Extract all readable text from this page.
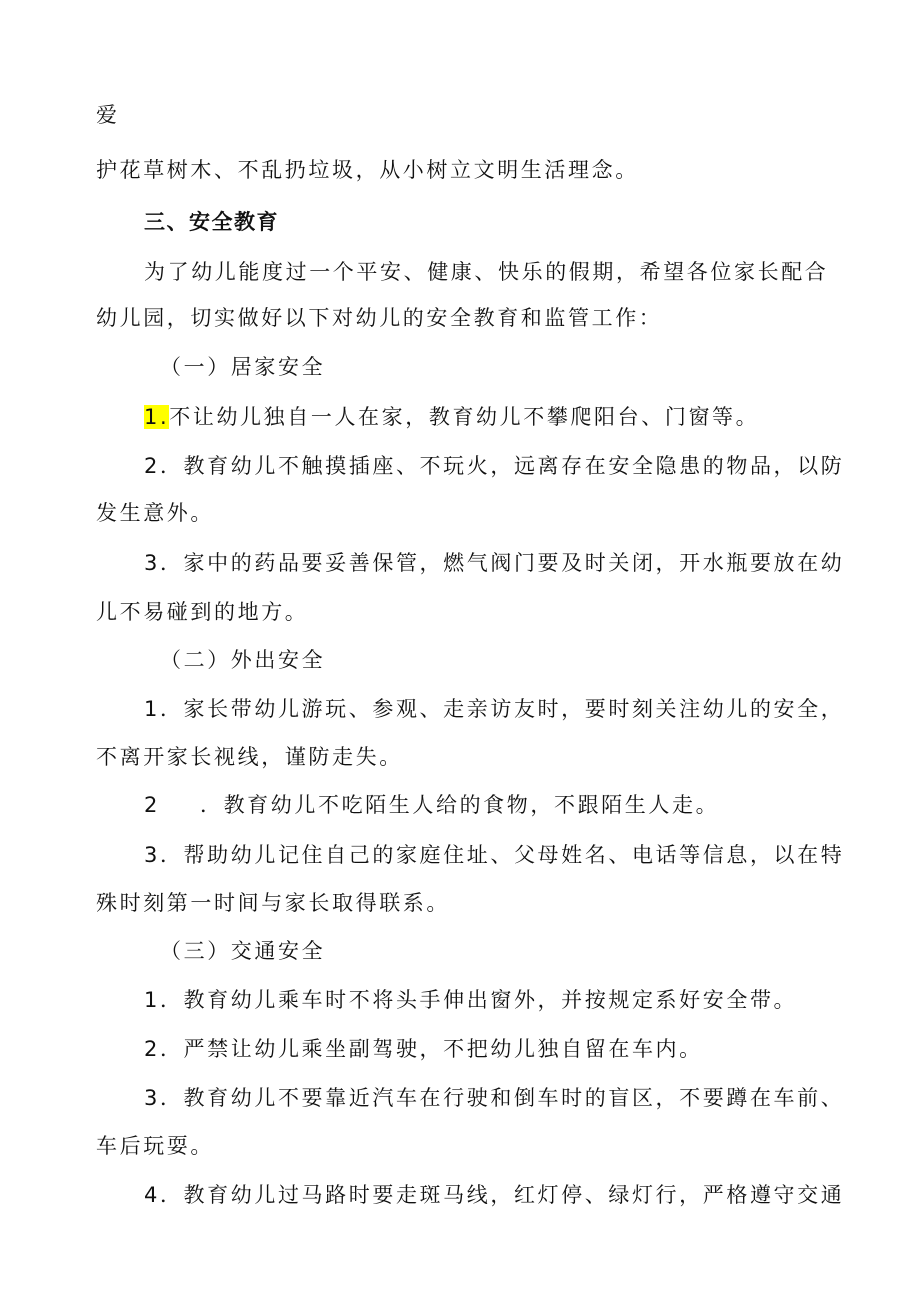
爱
护花草树木、不乱扔垃圾，从小树立文明生活理念。
三、安全教育
为了幼儿能度过一个平安、健康、快乐的假期，希望各位家长配合
幼儿园，切实做好以下对幼儿的安全教育和监管工作：
（一）居家安全
1.不让幼儿独自一人在家，教育幼儿不攀爬阳台、门窗等。
2．教育幼儿不触摸插座、不玩火，远离存在安全隐患的物品，以防
发生意外。
3．家中的药品要妥善保管，燃气阀门要及时关闭，开水瓶要放在幼
儿不易碰到的地方。
（二）外出安全
1．家长带幼儿游玩、参观、走亲访友时，要时刻关注幼儿的安全，
不离开家长视线，谨防走失。
2 ．教育幼儿不吃陌生人给的食物，不跟陌生人走。
3．帮助幼儿记住自己的家庭住址、父母姓名、电话等信息，以在特
殊时刻第一时间与家长取得联系。
（三）交通安全
1．教育幼儿乘车时不将头手伸出窗外，并按规定系好安全带。
2．严禁让幼儿乘坐副驾驶，不把幼儿独自留在车内。
3．教育幼儿不要靠近汽车在行驶和倒车时的盲区，不要蹲在车前、
车后玩耍。
4．教育幼儿过马路时要走斑马线，红灯停、绿灯行，严格遵守交通
